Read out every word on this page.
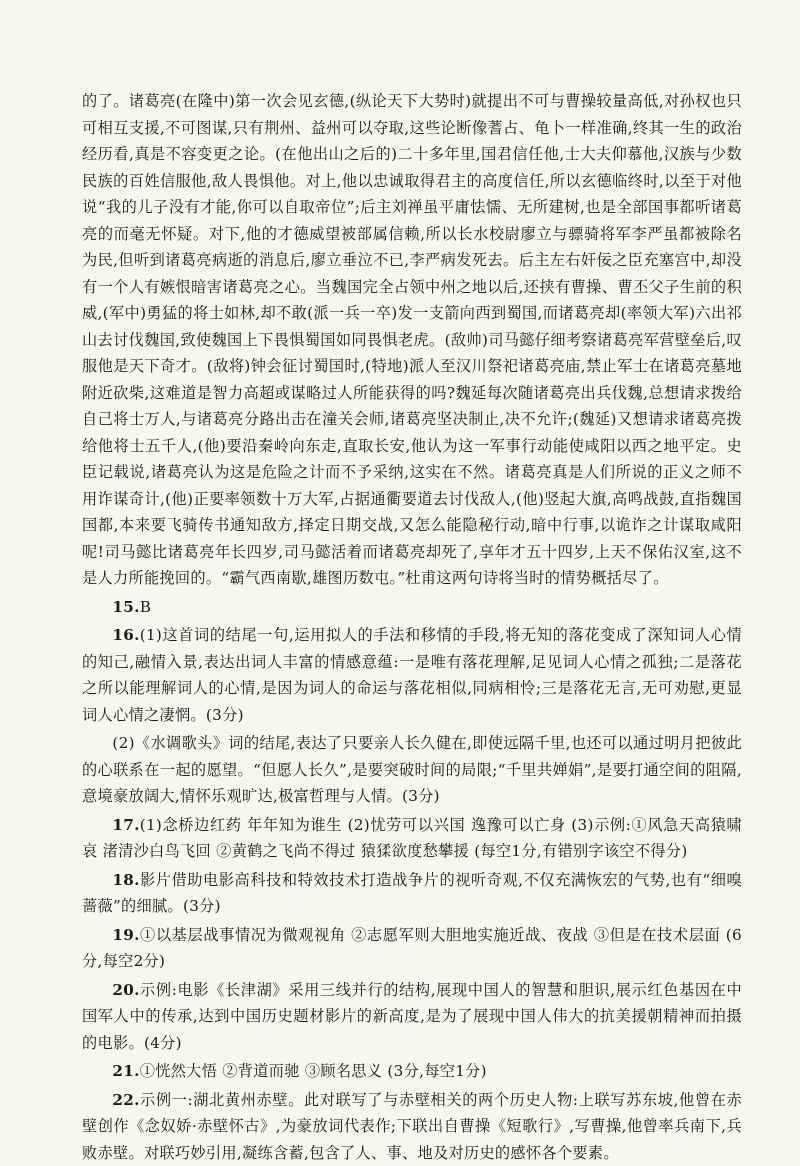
的了。诸葛亮(在隆中)第一次会见玄德,(纵论天下大势时)就提出不可与曹操较量高低,对孙权也只可相互支援,不可图谋,只有荆州、益州可以夺取,这些论断像蓍占、龟卜一样准确,终其一生的政治经历看,真是不容变更之论。(在他出山之后的)二十多年里,国君信任他,士大夫仰慕他,汉族与少数民族的百姓信服他,敌人畏惧他。对上,他以忠诚取得君主的高度信任,所以玄德临终时,以至于对他说“我的儿子没有才能,你可以自取帝位”;后主刘禅虽平庸怯懦、无所建树,也是全部国事都听诸葛亮的而毫无怀疑。对下,他的才德威望被部属信赖,所以长水校尉廖立与骠骑将军李严虽都被除名为民,但听到诸葛亮病逝的消息后,廖立垂泣不已,李严病发死去。后主左右奸佞之臣充塞宫中,却没有一个人有嫉恨暗害诸葛亮之心。当魏国完全占领中州之地以后,还挟有曹操、曹丕父子生前的积威,(军中)勇猛的将士如林,却不敢(派一兵一卒)发一支箭向西到蜀国,而诸葛亮却(率领大军)六出祁山去讨伐魏国,致使魏国上下畏惧蜀国如同畏惧老虎。(敌帅)司马懿仔细考察诸葛亮军营壁垒后,叹服他是天下奇才。(敌将)钟会征讨蜀国时,(特地)派人至汉川祭祀诸葛亮庙,禁止军士在诸葛亮墓地附近砍柴,这难道是智力高超或谋略过人所能获得的吗?魏延每次随诸葛亮出兵伐魏,总想请求拨给自己将士万人,与诸葛亮分路出击在潼关会师,诸葛亮坚决制止,决不允许;(魏延)又想请求诸葛亮拨给他将士五千人,(他)要沿秦岭向东走,直取长安,他认为这一军事行动能使咸阳以西之地平定。史臣记载说,诸葛亮认为这是危险之计而不予采纳,这实在不然。诸葛亮真是人们所说的正义之师不用诈谋奇计,(他)正要率领数十万大军,占据通衢要道去讨伐敌人,(他)竖起大旗,高鸣战鼓,直指魏国国都,本来要飞骑传书通知敌方,择定日期交战,又怎么能隐秘行动,暗中行事,以诡诈之计谋取咸阳呢!司马懿比诸葛亮年长四岁,司马懿活着而诸葛亮却死了,享年才五十四岁,上天不保佑汉室,这不是人力所能挽回的。“霸气西南歇,雄图历数屯。”杜甫这两句诗将当时的情势概括尽了。

15.B

16.(1)这首词的结尾一句,运用拟人的手法和移情的手段,将无知的落花变成了深知词人心情的知己,融情入景,表达出词人丰富的情感意蕴:一是唯有落花理解,足见词人心情之孤独;二是落花之所以能理解词人的心情,是因为词人的命运与落花相似,同病相怜;三是落花无言,无可劝慰,更显词人心情之凄惘。(3分)

(2)《水调歌头》词的结尾,表达了只要亲人长久健在,即使远隔千里,也还可以通过明月把彼此的心联系在一起的愿望。“但愿人长久”,是要突破时间的局限;“千里共婵娟”,是要打通空间的阻隔,意境豪放阔大,情怀乐观旷达,极富哲理与人情。(3分)

17.(1)念桥边红药 年年知为谁生 (2)忧劳可以兴国 逸豫可以亡身 (3)示例:①风急天高猿啸哀 渚清沙白鸟飞回 ②黄鹤之飞尚不得过 猿猱欲度愁攀援 (每空1分,有错别字该空不得分)

18.影片借助电影高科技和特效技术打造战争片的视听奇观,不仅充满恢宏的气势,也有“细嗅蔷薇”的细腻。(3分)

19.①以基层战事情况为微观视角 ②志愿军则大胆地实施近战、夜战 ③但是在技术层面 (6分,每空2分)

20.示例:电影《长津湖》采用三线并行的结构,展现中国人的智慧和胆识,展示红色基因在中国军人中的传承,达到中国历史题材影片的新高度,是为了展现中国人伟大的抗美援朝精神而拍摄的电影。(4分)

21.①恍然大悟 ②背道而驰 ③顾名思义 (3分,每空1分)

22.示例一:湖北黄州赤壁。此对联写了与赤壁相关的两个历史人物:上联写苏东坡,他曾在赤壁创作《念奴娇·赤壁怀古》,为豪放词代表作;下联出自曹操《短歌行》,写曹操,他曾率兵南下,兵败赤壁。对联巧妙引用,凝练含蓄,包含了人、事、地及对历史的感怀各个要素。
